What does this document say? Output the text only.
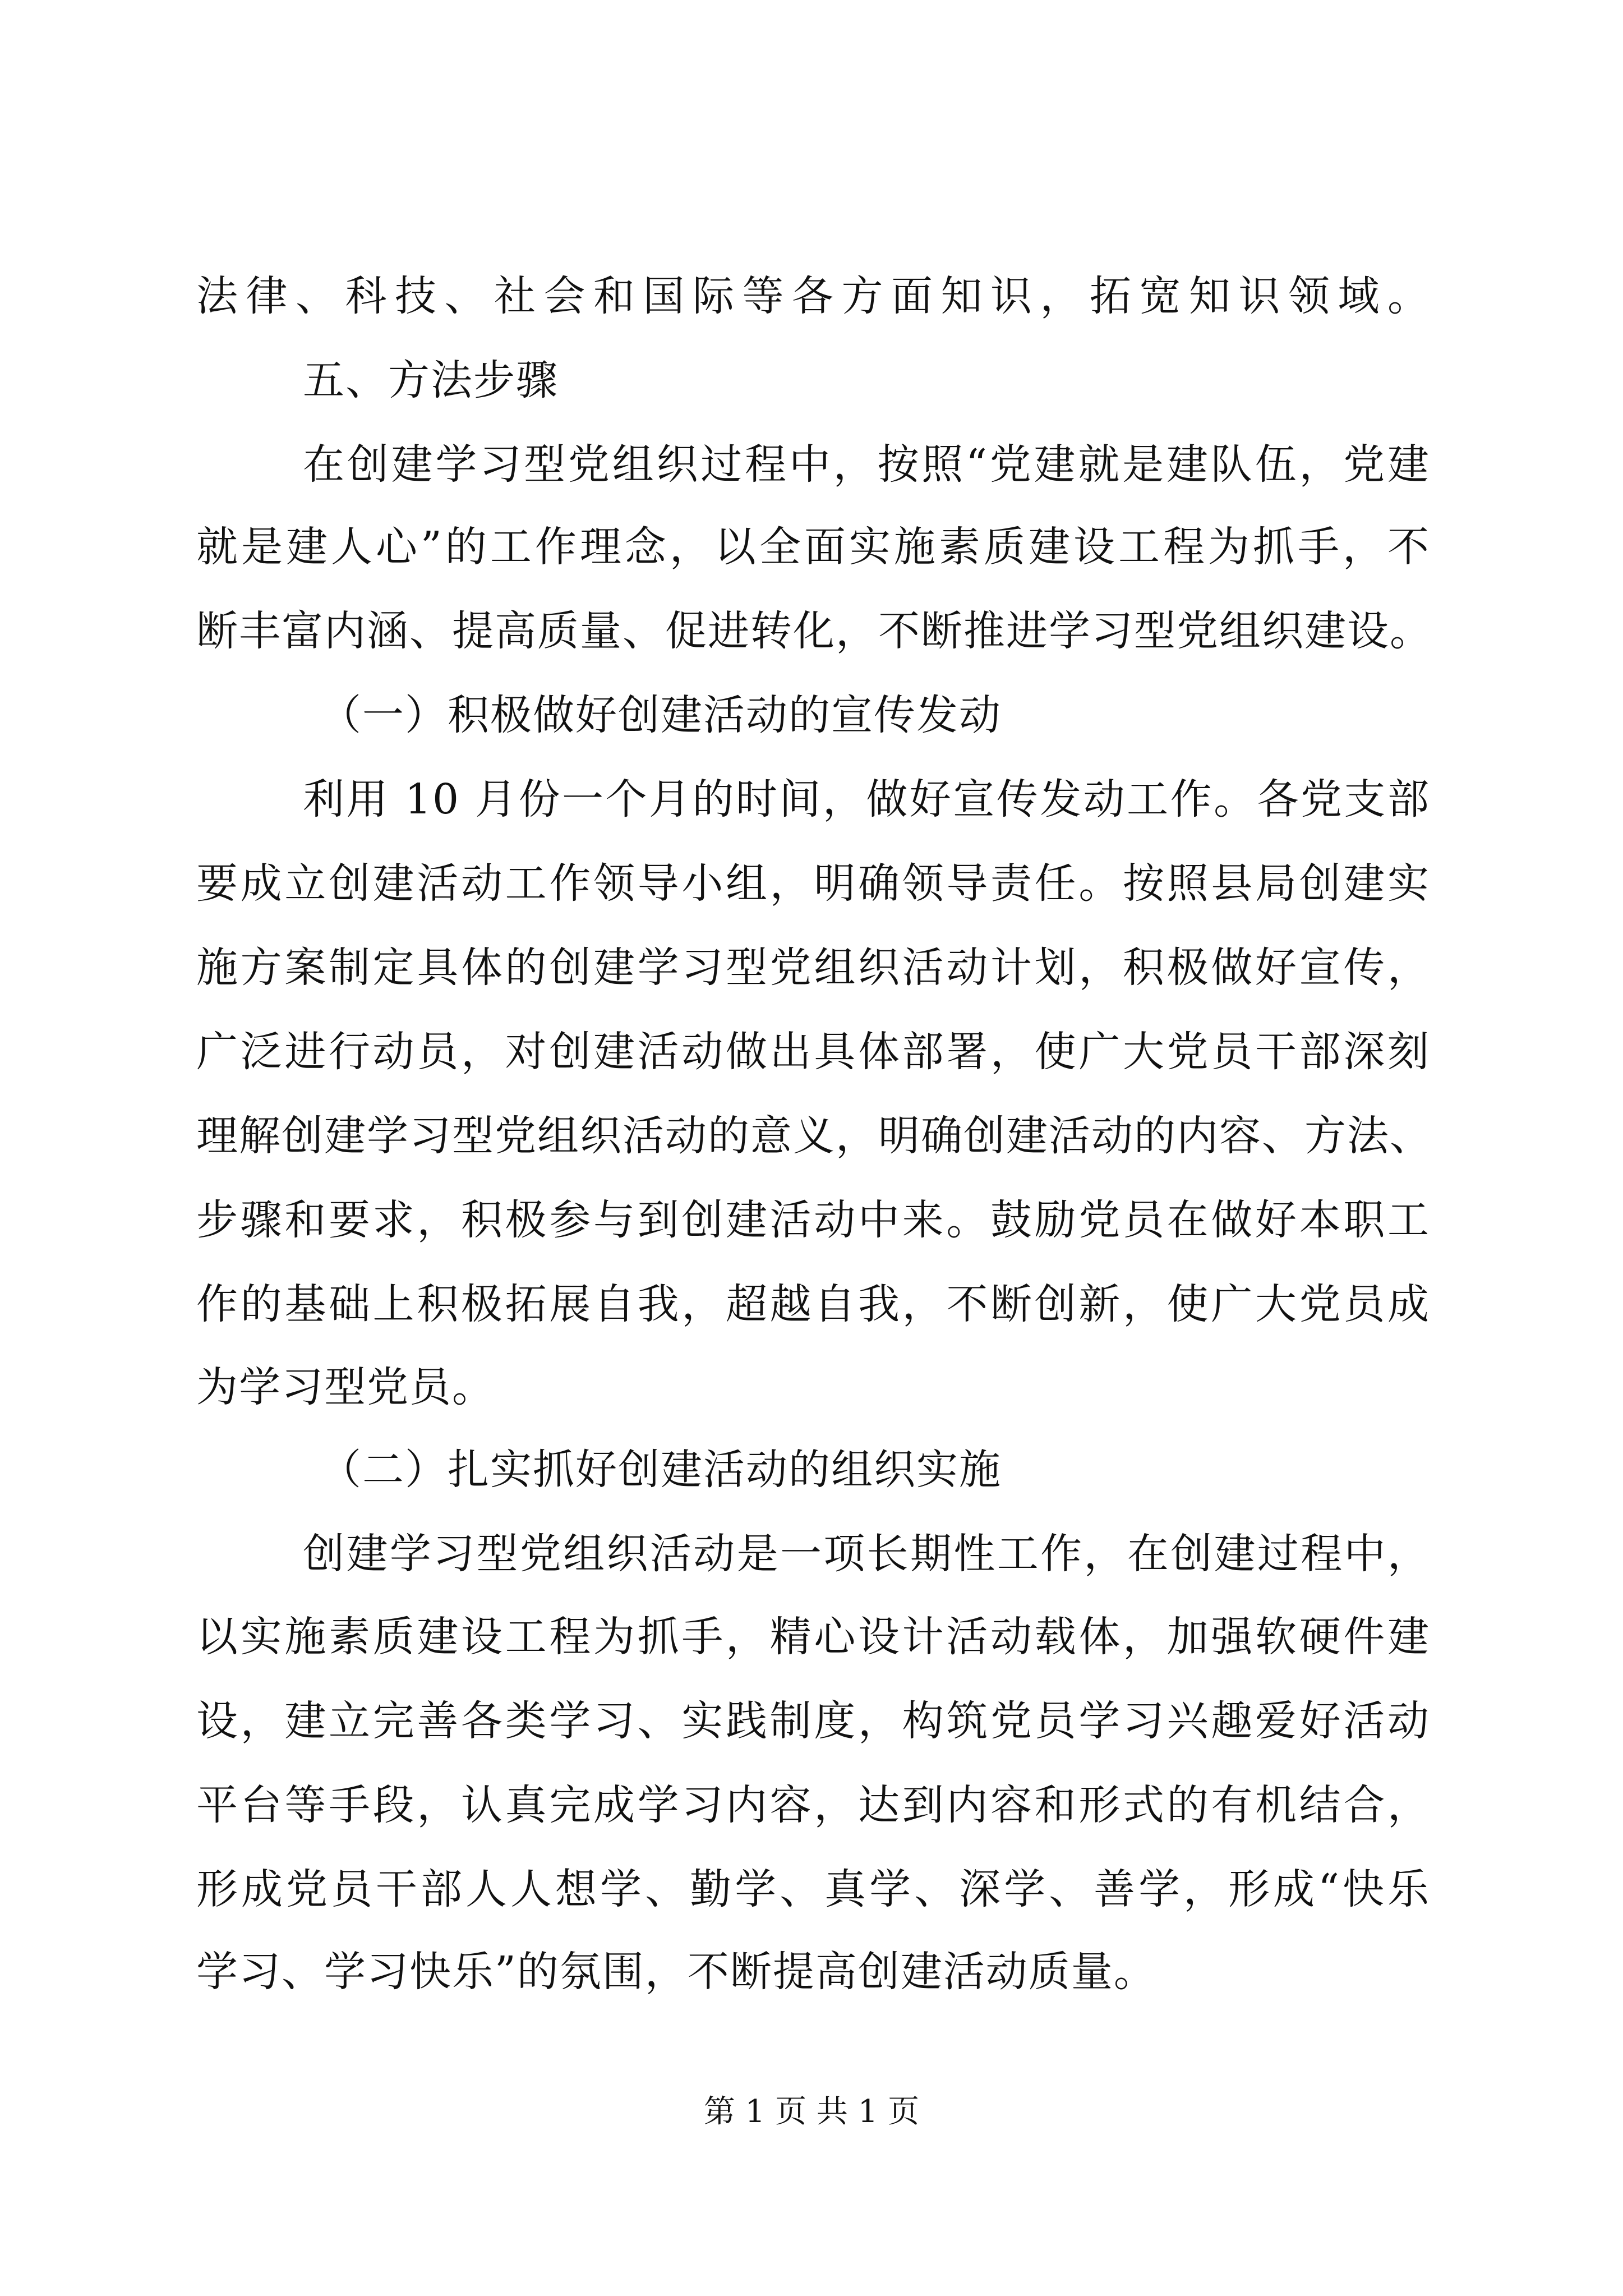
法律、科技、社会和国际等各方面知识，拓宽知识领域。
五、方法步骤
在创建学习型党组织过程中，按照“党建就是建队伍，党建
就是建人心”的工作理念，以全面实施素质建设工程为抓手，不
断丰富内涵、提高质量、促进转化，不断推进学习型党组织建设。
（一）积极做好创建活动的宣传发动
利用 10 月份一个月的时间，做好宣传发动工作。各党支部
要成立创建活动工作领导小组，明确领导责任。按照县局创建实
施方案制定具体的创建学习型党组织活动计划，积极做好宣传，
广泛进行动员，对创建活动做出具体部署，使广大党员干部深刻
理解创建学习型党组织活动的意义，明确创建活动的内容、方法、
步骤和要求，积极参与到创建活动中来。鼓励党员在做好本职工
作的基础上积极拓展自我，超越自我，不断创新，使广大党员成
为学习型党员。
（二）扎实抓好创建活动的组织实施
创建学习型党组织活动是一项长期性工作，在创建过程中，
以实施素质建设工程为抓手，精心设计活动载体，加强软硬件建
设，建立完善各类学习、实践制度，构筑党员学习兴趣爱好活动
平台等手段，认真完成学习内容，达到内容和形式的有机结合，
形成党员干部人人想学、勤学、真学、深学、善学，形成“快乐
学习、学习快乐”的氛围，不断提高创建活动质量。
第 1 页 共 1 页
